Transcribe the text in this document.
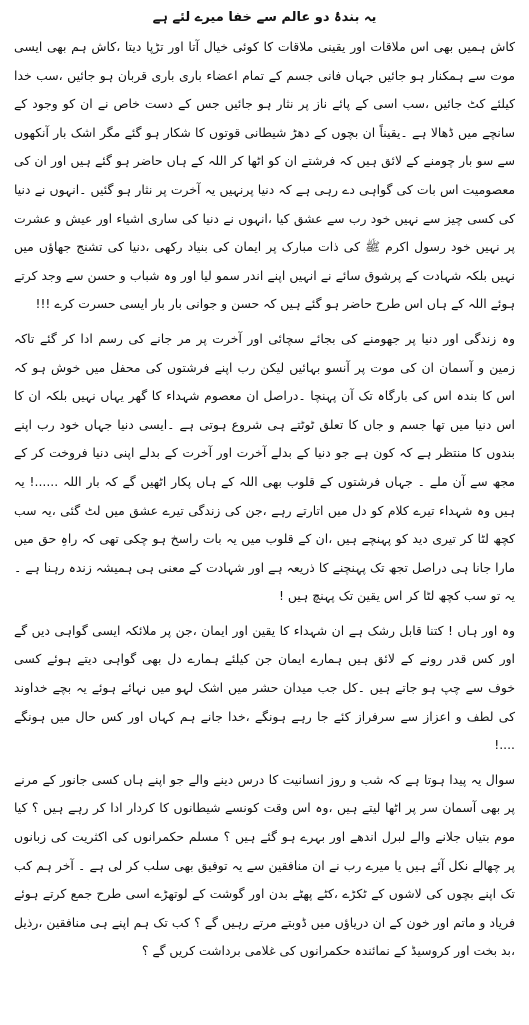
یہ بندۂ دو عالم سے خفا میرے لئے ہے

کاش ہمیں بھی اس ملاقات اور یقینی ملاقات کا کوئی خیال آتا اور تڑپا دیتا ،کاش ہم بھی ایسی موت سے ہمکنار ہو جائیں جہاں فانی جسم کے تمام اعضاء باری باری قربان ہو جائیں ،سب خدا کیلئے کٹ جائیں ،سب اسی کے پائے ناز پر نثار ہو جائیں جس کے دست خاص نے ان کو وجود کے سانچے میں ڈھالا ہے ۔یقیناً ان بچوں کے دھڑ شیطانی قوتوں کا شکار ہو گئے مگر اشک بار آنکھوں سے سو بار چومنے کے لائق ہیں کہ فرشتے ان کو اٹھا کر اللہ کے ہاں حاضر ہو گئے ہیں اور ان کی معصومیت اس بات کی گواہی دے رہی ہے کہ دنیا پرنہیں یہ آخرت پر نثار ہو گئیں ۔انہوں نے دنیا کی کسی چیز سے نہیں خود رب سے عشق کیا ،انہوں نے دنیا کی ساری اشیاء اور عیش و عشرت پر نہیں خود رسول اکرم ﷺ کی ذات مبارک پر ایمان کی بنیاد رکھی ،دنیا کی تشنج جھاؤں میں نہیں بلکہ شہادت کے پرشوق سائے نے انہیں اپنے اندر سمو لیا اور وہ شباب و حسن سے وجد کرتے ہوئے اللہ کے ہاں اس طرح حاضر ہو گئے ہیں کہ حسن و جوانی بار بار ایسی حسرت کرے !!!

وہ زندگی اور دنیا پر جھومنے کی بجائے سچائی اور آخرت پر مر جانے کی رسم ادا کر گئے تاکہ زمین و آسمان ان کی موت پر آنسو بہائیں لیکن رب اپنے فرشتوں کی محفل میں خوش ہو کہ اس کا بندہ اس کی بارگاہ تک آن پہنچا ۔دراصل ان معصوم شہداء کا گھر یہاں نہیں بلکہ ان کا اس دنیا میں تھا جسم و جاں کا تعلق ٹوٹتے ہی شروع ہوتی ہے ۔ایسی دنیا جہاں خود رب اپنے بندوں کا منتظر ہے کہ کون ہے جو دنیا کے بدلے آخرت اور آخرت کے بدلے اپنی دنیا فروخت کر کے مجھ سے آن ملے ۔ جہاں فرشتوں کے قلوب بھی اللہ کے ہاں پکار اٹھیں گے کہ بار اللہ ......! یہ ہیں وہ شہداء تیرے کلام کو دل میں اتارتے رہے ،جن کی زندگی تیرے عشق میں لٹ گئی ،یہ سب کچھ لٹا کر تیری دید کو پہنچے ہیں ،ان کے قلوب میں یہ بات راسخ ہو چکی تھی کہ راہِ حق میں مارا جانا ہی دراصل تجھ تک پہنچنے کا ذریعہ ہے اور شہادت کے معنی ہی ہمیشہ زندہ رہنا ہے ۔ یہ تو سب کچھ لٹا کر اس یقین تک پہنچ ہیں !

وہ اور ہاں ! کتنا قابل رشک ہے ان شہداء کا یقین اور ایمان ،جن پر ملائکہ ایسی گواہی دیں گے اور کس قدر رونے کے لائق ہیں ہمارے ایمان جن کیلئے ہمارے دل بھی گواہی دیتے ہوئے کسی خوف سے چپ ہو جاتے ہیں ۔کل جب میدان حشر میں اشک لہو میں نہائے ہوئے یہ بچے خداوند کی لطف و اعزاز سے سرفراز کئے جا رہے ہونگے ،خدا جانے ہم کہاں اور کس حال میں ہونگے ....!

سوال یہ پیدا ہوتا ہے کہ شب و روز انسانیت کا درس دینے والے جو اپنے ہاں کسی جانور کے مرنے پر بھی آسمان سر پر اٹھا لیتے ہیں ،وہ اس وقت کونسے شیطانوں کا کردار ادا کر رہے ہیں ؟ کیا موم بتیاں جلانے والے لبرل اندھے اور بہرے ہو گئے ہیں ؟ مسلم حکمرانوں کی اکثریت کی زبانوں پر چھالے نکل آئے ہیں یا میرے رب نے ان منافقین سے یہ توفیق بھی سلب کر لی ہے ۔ آخر ہم کب تک اپنے بچوں کی لاشوں کے ٹکڑے ،کٹے پھٹے بدن اور گوشت کے لوتھڑے اسی طرح جمع کرتے ہوئے فریاد و ماتم اور خون کے ان دریاؤں میں ڈوبتے مرتے رہیں گے ؟ کب تک ہم اپنے ہی منافقین ،رذیل ،بد بخت اور کروسیڈ کے نمائندہ حکمرانوں کی غلامی برداشت کریں گے ؟
